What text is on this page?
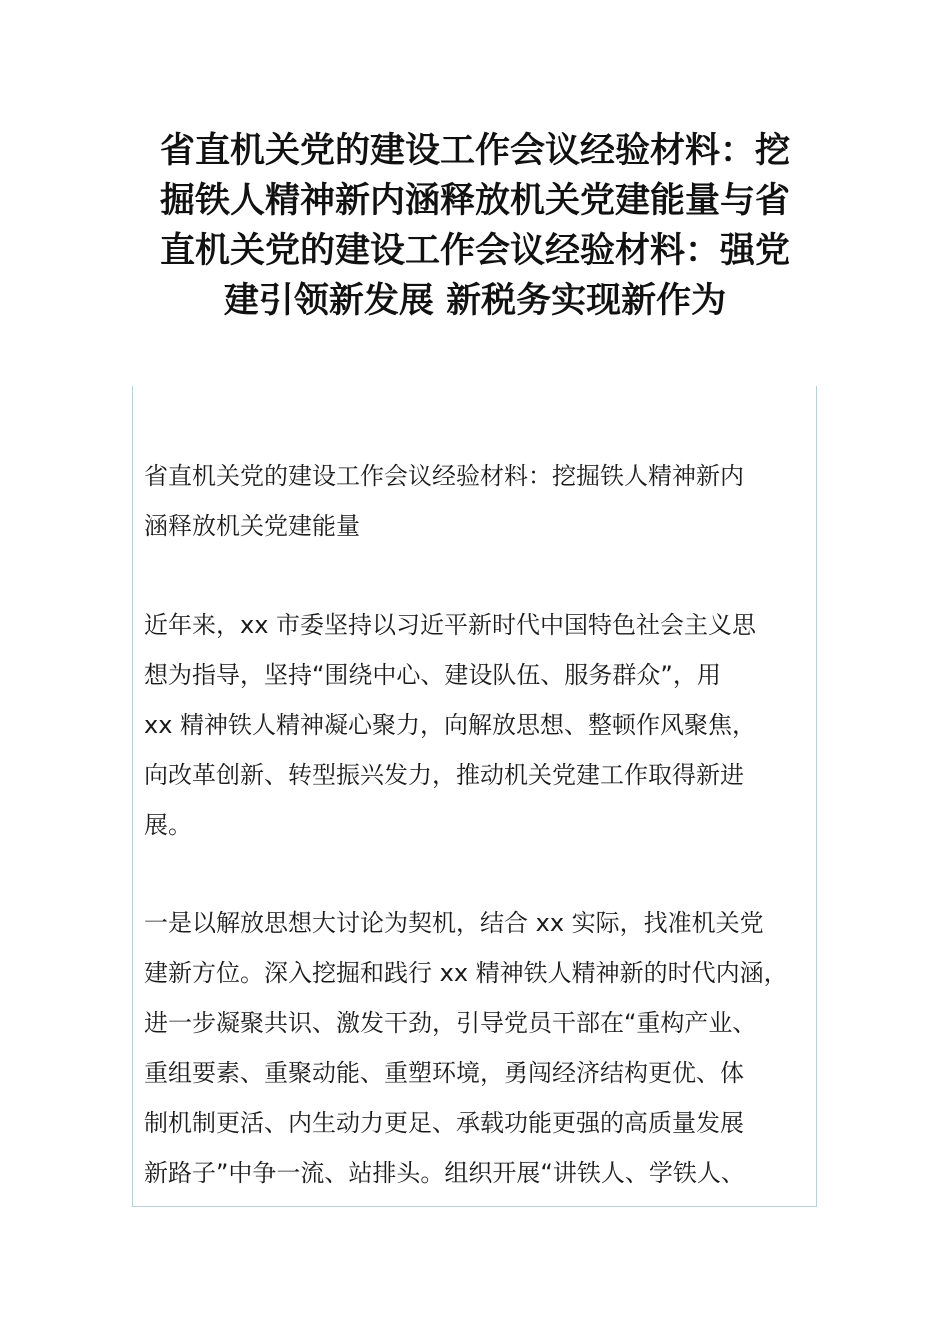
省直机关党的建设工作会议经验材料：挖
掘铁人精神新内涵释放机关党建能量与省
直机关党的建设工作会议经验材料：强党
建引领新发展 新税务实现新作为
省直机关党的建设工作会议经验材料：挖掘铁人精神新内
涵释放机关党建能量
近年来，xx 市委坚持以习近平新时代中国特色社会主义思
想为指导，坚持“围绕中心、建设队伍、服务群众”，用
xx 精神铁人精神凝心聚力，向解放思想、整顿作风聚焦，
向改革创新、转型振兴发力，推动机关党建工作取得新进
展。
一是以解放思想大讨论为契机，结合 xx 实际，找准机关党
建新方位。深入挖掘和践行 xx 精神铁人精神新的时代内涵，
进一步凝聚共识、激发干劲，引导党员干部在“重构产业、
重组要素、重聚动能、重塑环境，勇闯经济结构更优、体
制机制更活、内生动力更足、承载功能更强的高质量发展
新路子”中争一流、站排头。组织开展“讲铁人、学铁人、
